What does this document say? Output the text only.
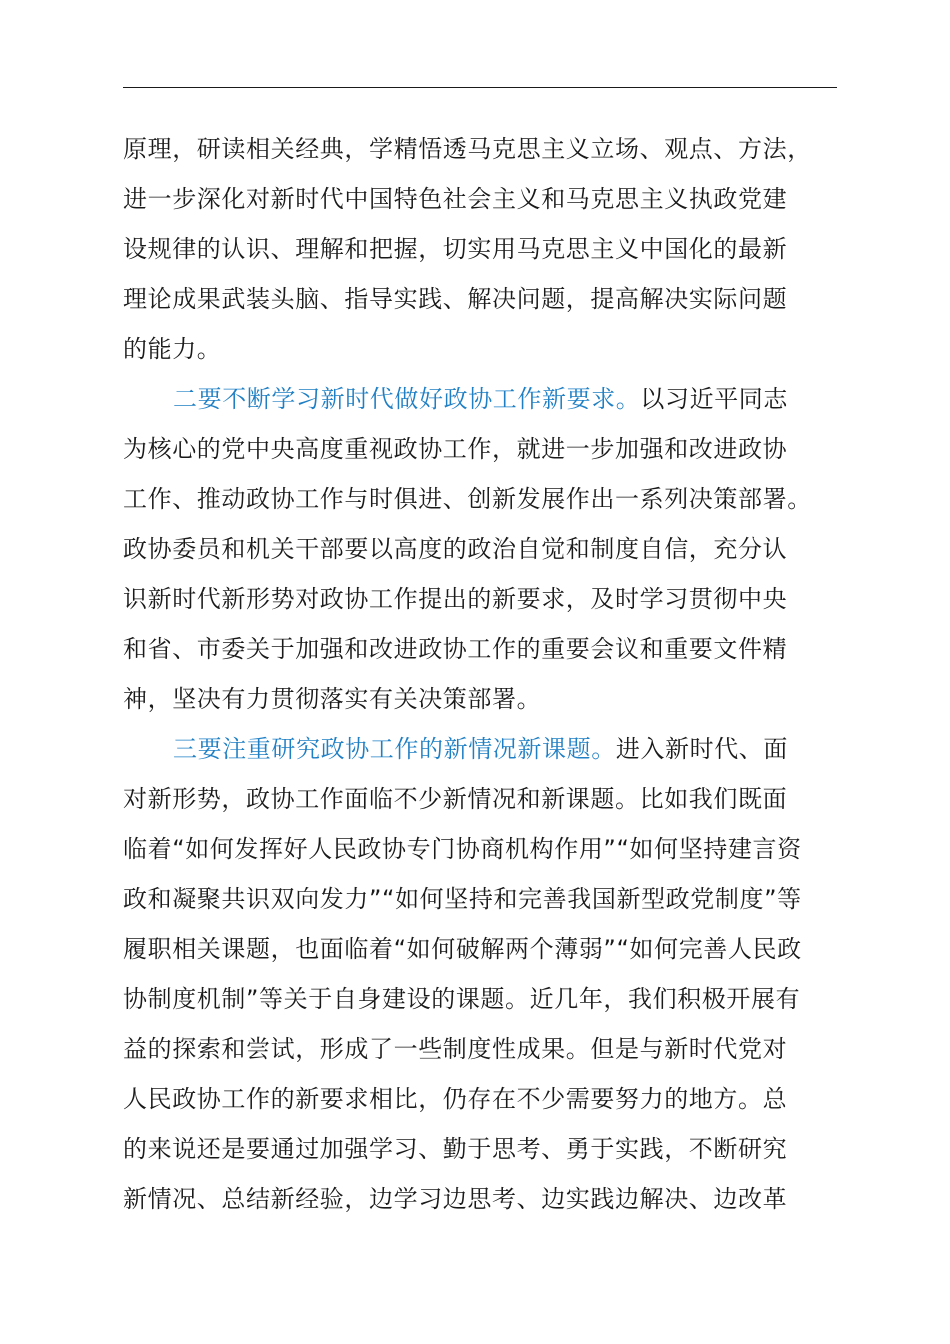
原理，研读相关经典，学精悟透马克思主义立场、观点、方法，
进一步深化对新时代中国特色社会主义和马克思主义执政党建
设规律的认识、理解和把握，切实用马克思主义中国化的最新
理论成果武装头脑、指导实践、解决问题，提高解决实际问题
的能力。
二要不断学习新时代做好政协工作新要求。以习近平同志
为核心的党中央高度重视政协工作，就进一步加强和改进政协
工作、推动政协工作与时俱进、创新发展作出一系列决策部署。
政协委员和机关干部要以高度的政治自觉和制度自信，充分认
识新时代新形势对政协工作提出的新要求，及时学习贯彻中央
和省、市委关于加强和改进政协工作的重要会议和重要文件精
神，坚决有力贯彻落实有关决策部署。
三要注重研究政协工作的新情况新课题。进入新时代、面
对新形势，政协工作面临不少新情况和新课题。比如我们既面
临着“如何发挥好人民政协专门协商机构作用”“如何坚持建言资
政和凝聚共识双向发力”“如何坚持和完善我国新型政党制度”等
履职相关课题，也面临着“如何破解两个薄弱”“如何完善人民政
协制度机制”等关于自身建设的课题。近几年，我们积极开展有
益的探索和尝试，形成了一些制度性成果。但是与新时代党对
人民政协工作的新要求相比，仍存在不少需要努力的地方。总
的来说还是要通过加强学习、勤于思考、勇于实践，不断研究
新情况、总结新经验，边学习边思考、边实践边解决、边改革
